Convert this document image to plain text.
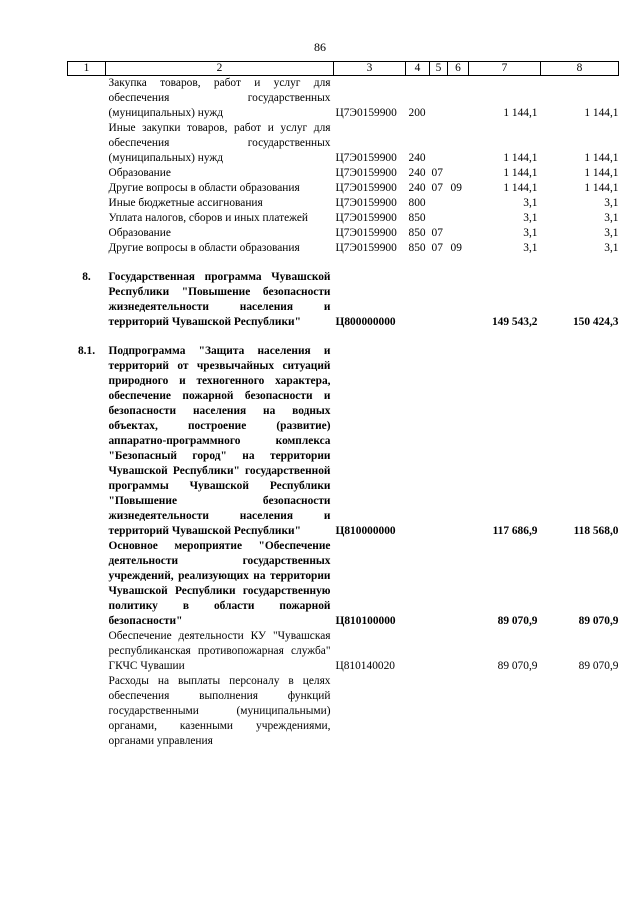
86
1	2	3	4	5	6	7	8
	Закупка товаров, работ и услуг для обеспечения государственных (муниципальных) нужд	Ц7Э0159900	200			1 144,1	1 144,1
	Иные закупки товаров, работ и услуг для обеспечения государственных (муниципальных) нужд	Ц7Э0159900	240			1 144,1	1 144,1
	Образование	Ц7Э0159900	240	07		1 144,1	1 144,1
	Другие вопросы в области образования	Ц7Э0159900	240	07	09	1 144,1	1 144,1
	Иные бюджетные ассигнования	Ц7Э0159900	800			3,1	3,1
	Уплата налогов, сборов и иных платежей	Ц7Э0159900	850			3,1	3,1
	Образование	Ц7Э0159900	850	07		3,1	3,1
	Другие вопросы в области образования	Ц7Э0159900	850	07	09	3,1	3,1

8.	Государственная программа Чувашской Республики "Повышение безопасности жизнедеятельности населения и территорий Чувашской Республики"	Ц800000000				149 543,2	150 424,3

8.1.	Подпрограмма "Защита населения и территорий от чрезвычайных ситуаций природного и техногенного характера, обеспечение пожарной безопасности и безопасности населения на водных объектах, построение (развитие) аппаратно-программного комплекса "Безопасный город" на территории Чувашской Республики" государственной программы Чувашской Республики "Повышение безопасности жизнедеятельности населения и территорий Чувашской Республики"	Ц810000000				117 686,9	118 568,0
	Основное мероприятие "Обеспечение деятельности государственных учреждений, реализующих на территории Чувашской Республики государственную политику в области пожарной безопасности"	Ц810100000				89 070,9	89 070,9
	Обеспечение деятельности КУ "Чувашская республиканская противопожарная служба" ГКЧС Чувашии	Ц810140020				89 070,9	89 070,9
	Расходы на выплаты персоналу в целях обеспечения выполнения функций государственными (муниципальными) органами, казенными учреждениями, органами управления						
